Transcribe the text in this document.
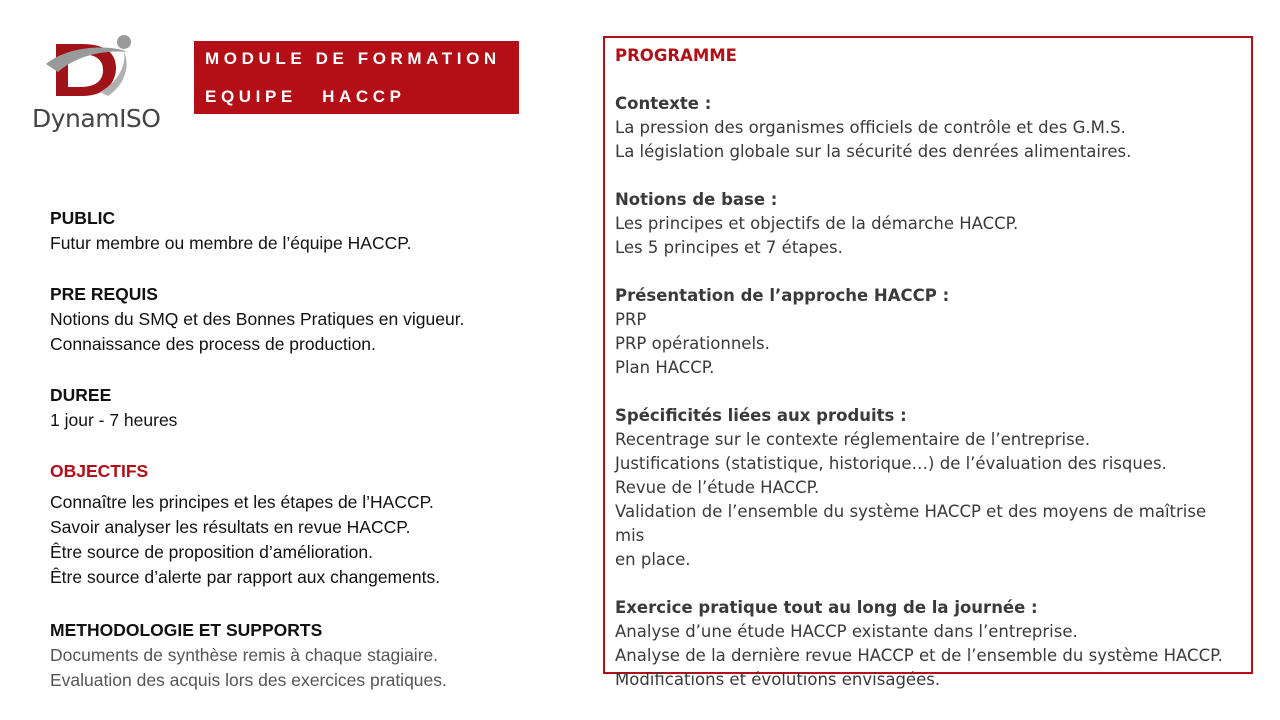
DynamISO
MODULE DE FORMATION
EQUIPE HACCP
PUBLIC
Futur membre ou membre de l’équipe HACCP.
PRE REQUIS
Notions du SMQ et des Bonnes Pratiques en vigueur.
Connaissance des process de production.
DUREE
1 jour - 7 heures
OBJECTIFS
Connaître les principes et les étapes de l’HACCP.
Savoir analyser les résultats en revue HACCP.
Être source de proposition d’amélioration.
Être source d’alerte par rapport aux changements.
METHODOLOGIE ET SUPPORTS
Documents de synthèse remis à chaque stagiaire.
Evaluation des acquis lors des exercices pratiques.
PROGRAMME
Contexte :
La pression des organismes officiels de contrôle et des G.M.S.
La législation globale sur la sécurité des denrées alimentaires.
Notions de base :
Les principes et objectifs de la démarche HACCP.
Les 5 principes et 7 étapes.
Présentation de l’approche HACCP :
PRP
PRP opérationnels.
Plan HACCP.
Spécificités liées aux produits :
Recentrage sur le contexte réglementaire de l’entreprise.
Justifications (statistique, historique…) de l’évaluation des risques.
Revue de l’étude HACCP.
Validation de l’ensemble du système HACCP et des moyens de maîtrise mis
en place.
Exercice pratique tout au long de la journée :
Analyse d’une étude HACCP existante dans l’entreprise.
Analyse de la dernière revue HACCP et de l’ensemble du système HACCP.
Modifications et évolutions envisagées.
